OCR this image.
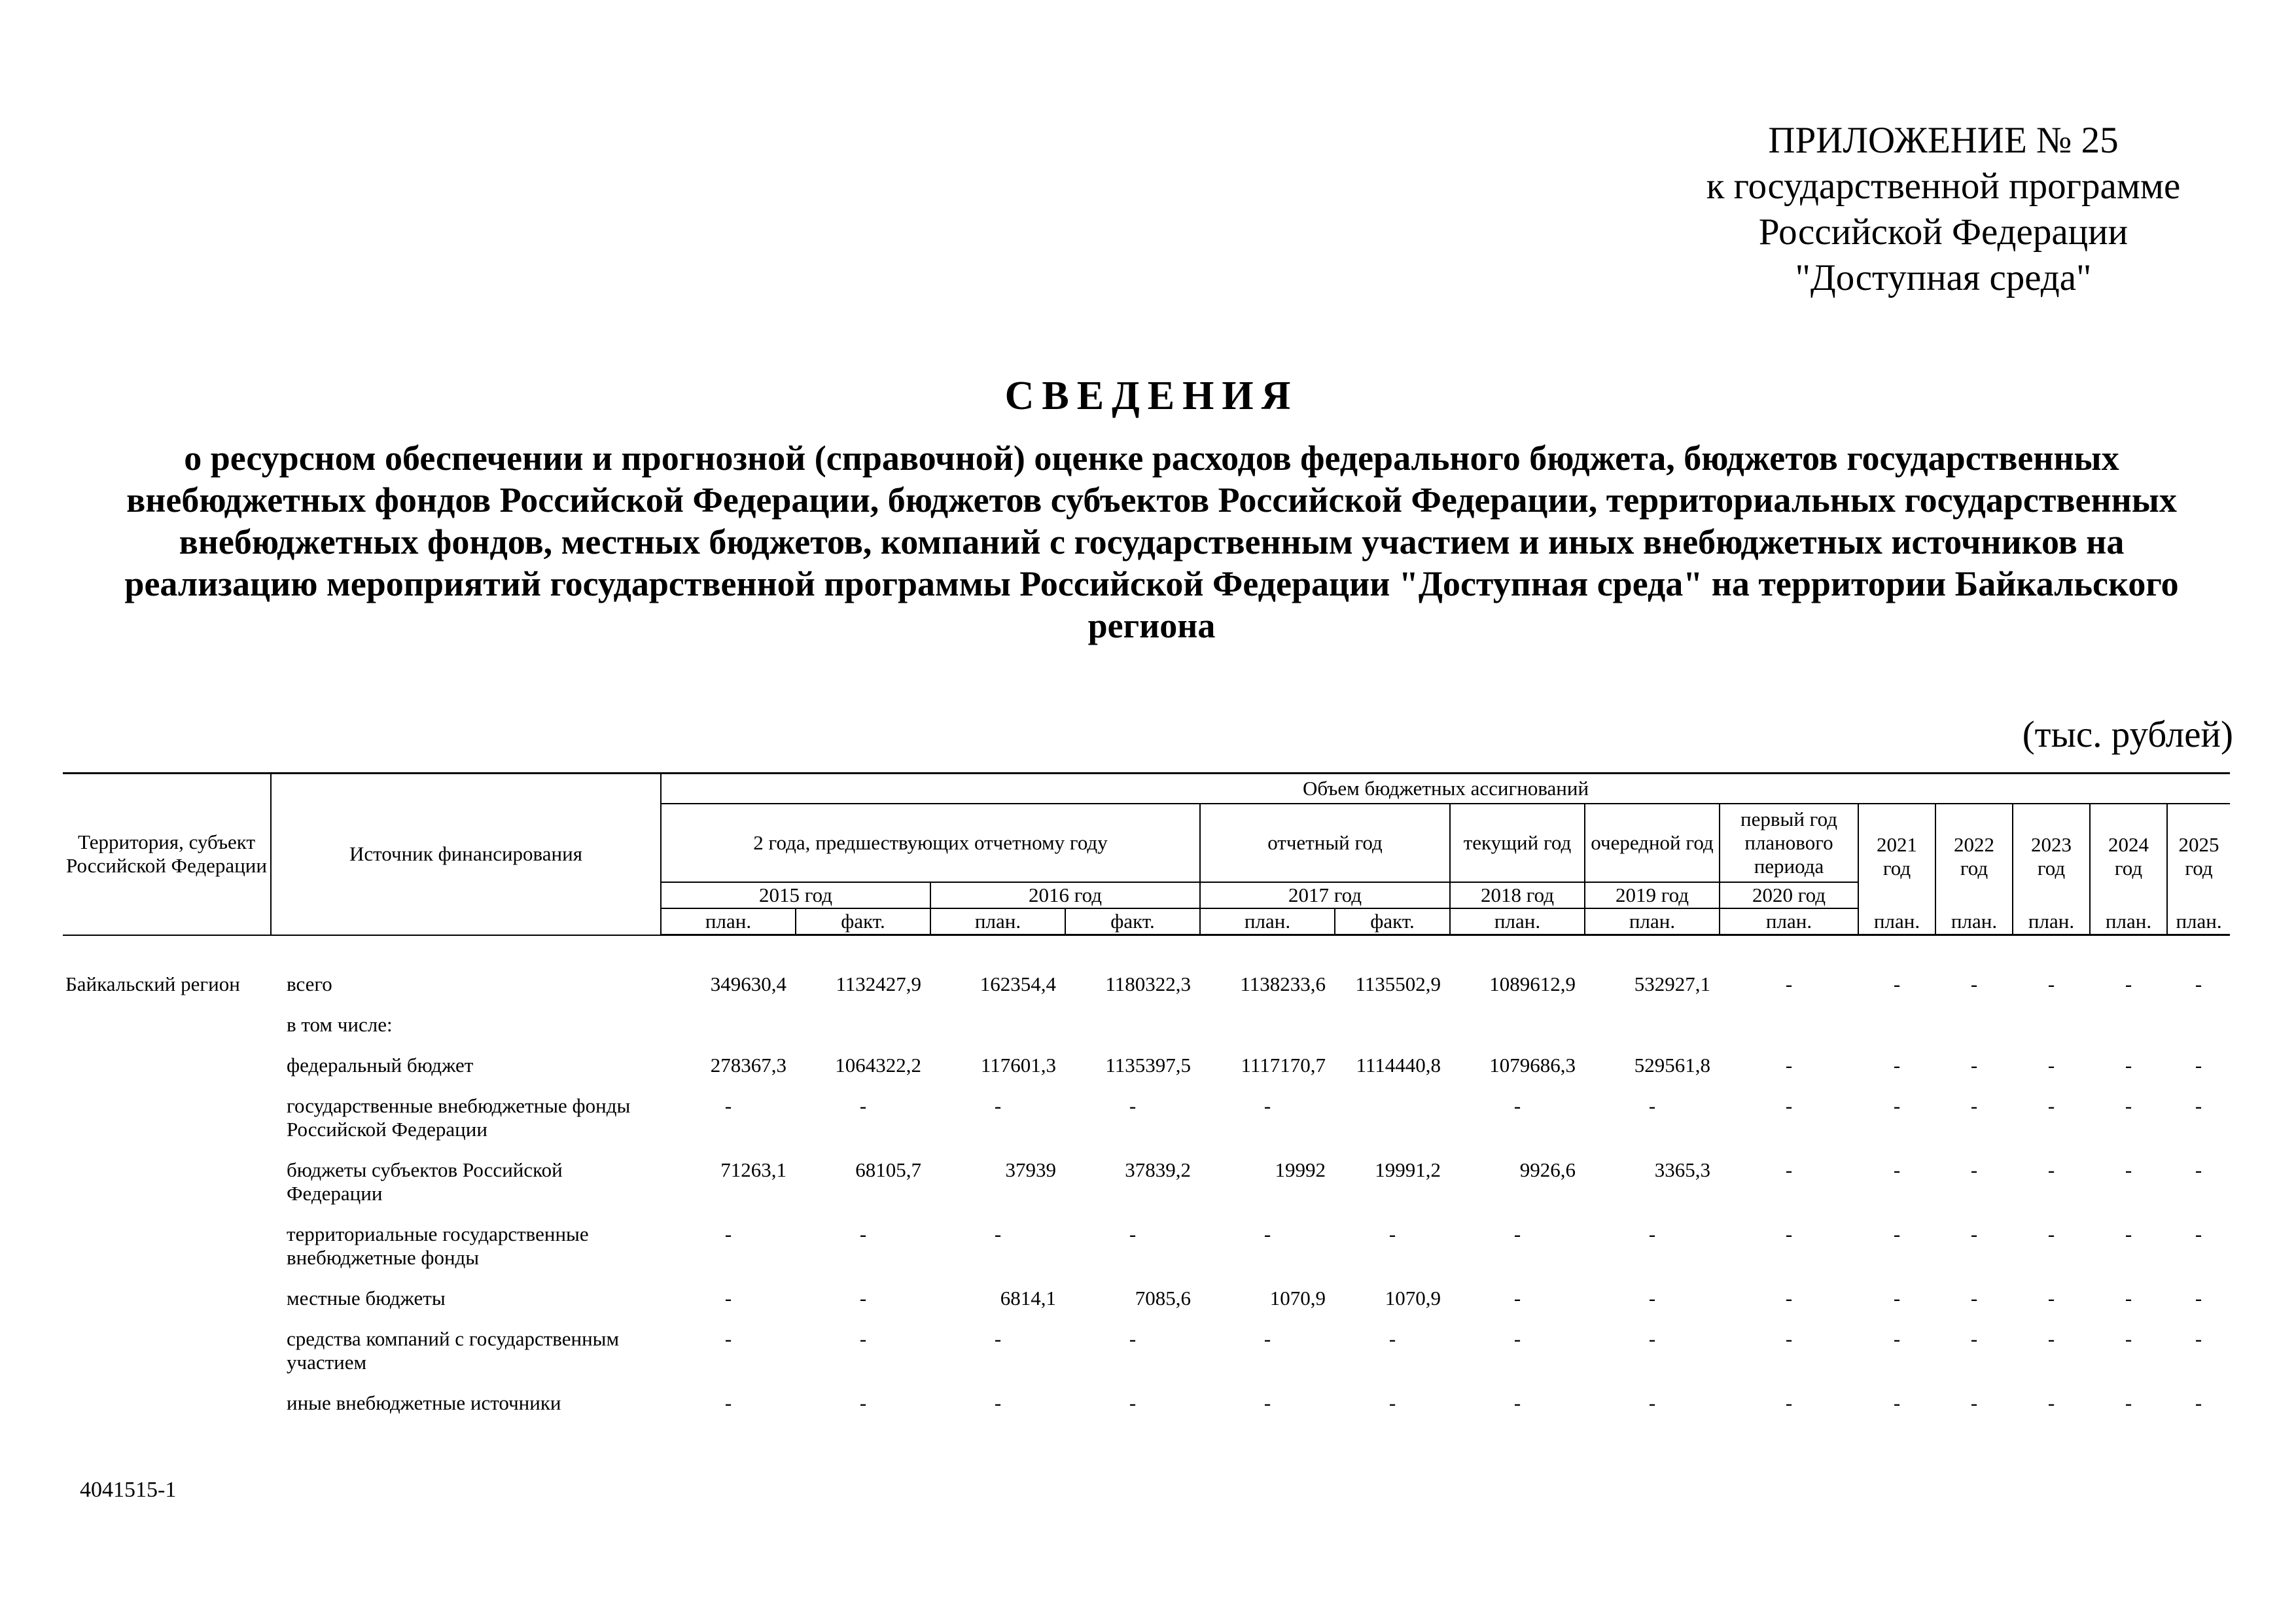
ПРИЛОЖЕНИЕ № 25
к государственной программе
Российской Федерации
"Доступная среда"
СВЕДЕНИЯ
о ресурсном обеспечении и прогнозной (справочной) оценке расходов федерального бюджета, бюджетов государственных внебюджетных фондов Российской Федерации, бюджетов субъектов Российской Федерации, территориальных государственных внебюджетных фондов, местных бюджетов, компаний с государственным участием и иных внебюджетных источников на реализацию мероприятий государственной программы Российской Федерации "Доступная среда" на территории Байкальского региона
(тыс. рублей)
Территория, субъект Российской Федерации	Источник финансирования	Объем бюджетных ассигнований													
		2 года, предшествующих отчетному году				отчетный год		текущий год	очередной год	первый год планового периода	2021 год	2022 год	2023 год	2024 год	2025 год
		2015 год		2016 год		2017 год		2018 год	2019 год	2020 год					
		план.	факт.	план.	факт.	план.	факт.	план.	план.	план.	план.	план.	план.	план.	план.
Байкальский регион	всего	349630,4	1132427,9	162354,4	1180322,3	1138233,6	1135502,9	1089612,9	532927,1	-	-	-	-	-	-
	в том числе:														
	федеральный бюджет	278367,3	1064322,2	117601,3	1135397,5	1117170,7	1114440,8	1079686,3	529561,8	-	-	-	-	-	-
	государственные внебюджетные фонды Российской Федерации	-	-	-	-	-		-	-	-	-	-	-	-	-
	бюджеты субъектов Российской Федерации	71263,1	68105,7	37939	37839,2	19992	19991,2	9926,6	3365,3	-	-	-	-	-	-
	территориальные государственные внебюджетные фонды	-	-	-	-	-	-	-	-	-	-	-	-	-	-
	местные бюджеты	-	-	6814,1	7085,6	1070,9	1070,9	-	-	-	-	-	-	-	-
	средства компаний с государственным участием	-	-	-	-	-	-	-	-	-	-	-	-	-	-
	иные внебюджетные источники	-	-	-	-	-	-	-	-	-	-	-	-	-	-
4041515-1
